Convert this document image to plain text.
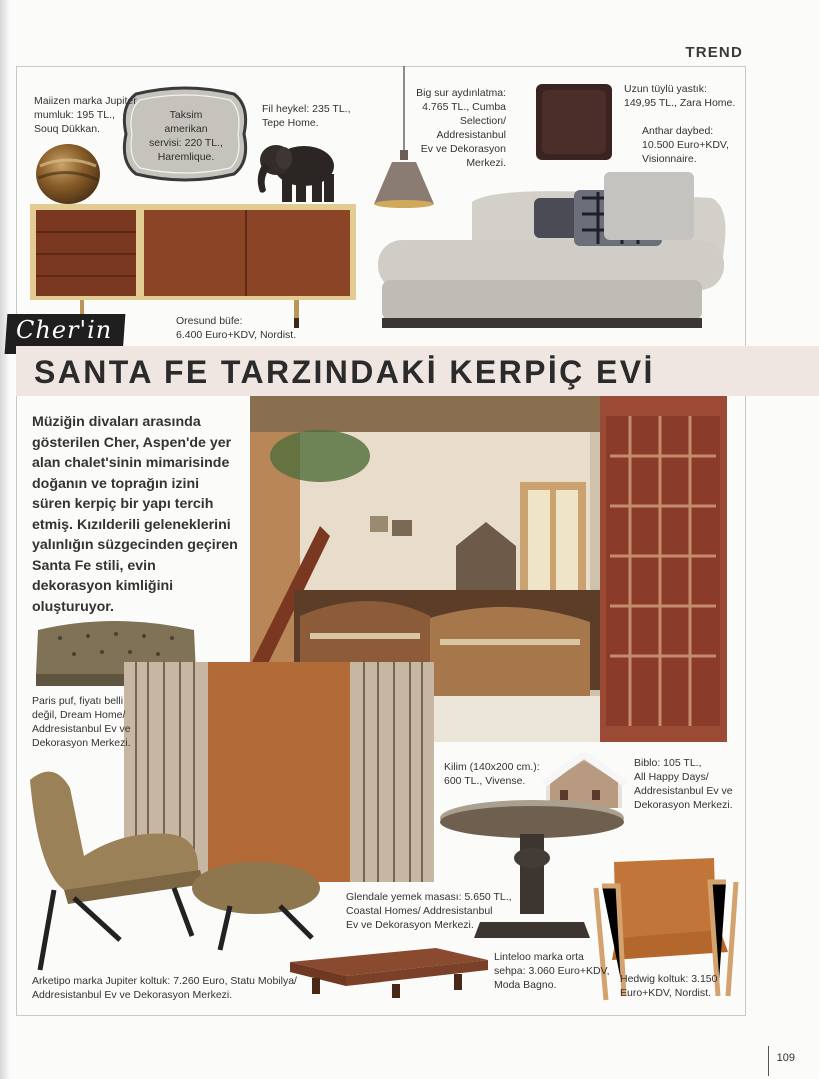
TREND
Cher'in
SANTA FE TARZINDAKİ KERPİÇ EVİ

Müziğin divaları arasında gösterilen Cher, Aspen'de yer alan chalet'sinin mimarisinde doğanın ve toprağın izini süren kerpiç bir yapı tercih etmiş. Kızılderili geleneklerini yalınlığın süzgecinden geçiren Santa Fe stili, evin dekorasyon kimliğini oluşturuyor.

Maiizen marka Jupiter
mumluk: 195 TL.,
Souq Dükkan.
Taksim amerikan
servisi: 220 TL.,
Haremlique.
Fil heykel: 235 TL.,
Tepe Home.
Big sur aydınlatma:
4.765 TL., Cumba
Selection/
Addresistanbul
Ev ve Dekorasyon
Merkezi.
Uzun tüylü yastık:
149,95 TL., Zara Home.
Anthar daybed:
10.500 Euro+KDV,
Visionnaire.
Oresund büfe:
6.400 Euro+KDV, Nordist.
Paris puf, fiyatı belli
değil, Dream Home/
Addresistanbul Ev ve
Dekorasyon Merkezi.
Kilim (140x200 cm.):
600 TL., Vivense.
Biblo: 105 TL.,
All Happy Days/
Addresistanbul Ev ve
Dekorasyon Merkezi.
Glendale yemek masası: 5.650 TL.,
Coastal Homes/ Addresistanbul
Ev ve Dekorasyon Merkezi.
Linteloo marka orta
sehpa: 3.060 Euro+KDV,
Moda Bagno.	Hedwig koltuk: 3.150
Euro+KDV, Nordist.
Arketipo marka Jupiter koltuk: 7.260 Euro, Statu Mobilya/
Addresistanbul Ev ve Dekorasyon Merkezi.
109
